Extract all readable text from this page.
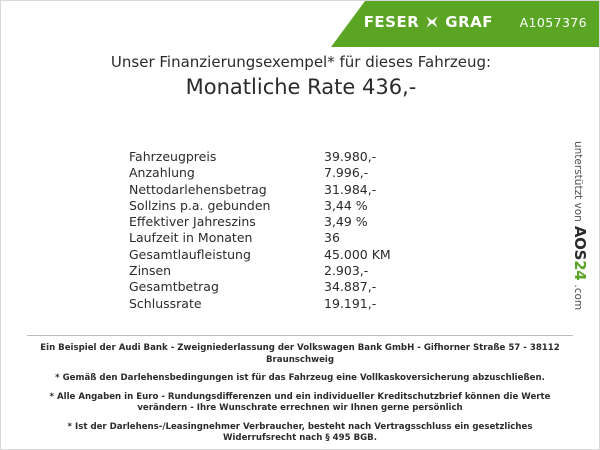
FESER GRAF A1057376

Unser Finanzierungsexempel* für dieses Fahrzeug:

Monatliche Rate 436,-

Fahrzeugpreis	39.980,-
Anzahlung	7.996,-
Nettodarlehensbetrag	31.984,-
Sollzins p.a. gebunden	3,44 %
Effektiver Jahreszins	3,49 %
Laufzeit in Monaten	36
Gesamtlaufleistung	45.000 KM
Zinsen	2.903,-
Gesamtbetrag	34.887,-
Schlussrate	19.191,-
unterstützt von
AOS24
.com

Ein Beispiel der Audi Bank - Zweigniederlassung der Volkswagen Bank GmbH - Gifhorner Straße 57 - 38112 Braunschweig

* Gemäß den Darlehensbedingungen ist für das Fahrzeug eine Vollkaskoversicherung abzuschließen.

* Alle Angaben in Euro - Rundungsdifferenzen und ein individueller Kreditschutzbrief können die Werte verändern - Ihre Wunschrate errechnen wir Ihnen gerne persönlich

* Ist der Darlehens-/Leasingnehmer Verbraucher, besteht nach Vertragsschluss ein gesetzliches Widerrufsrecht nach § 495 BGB.
